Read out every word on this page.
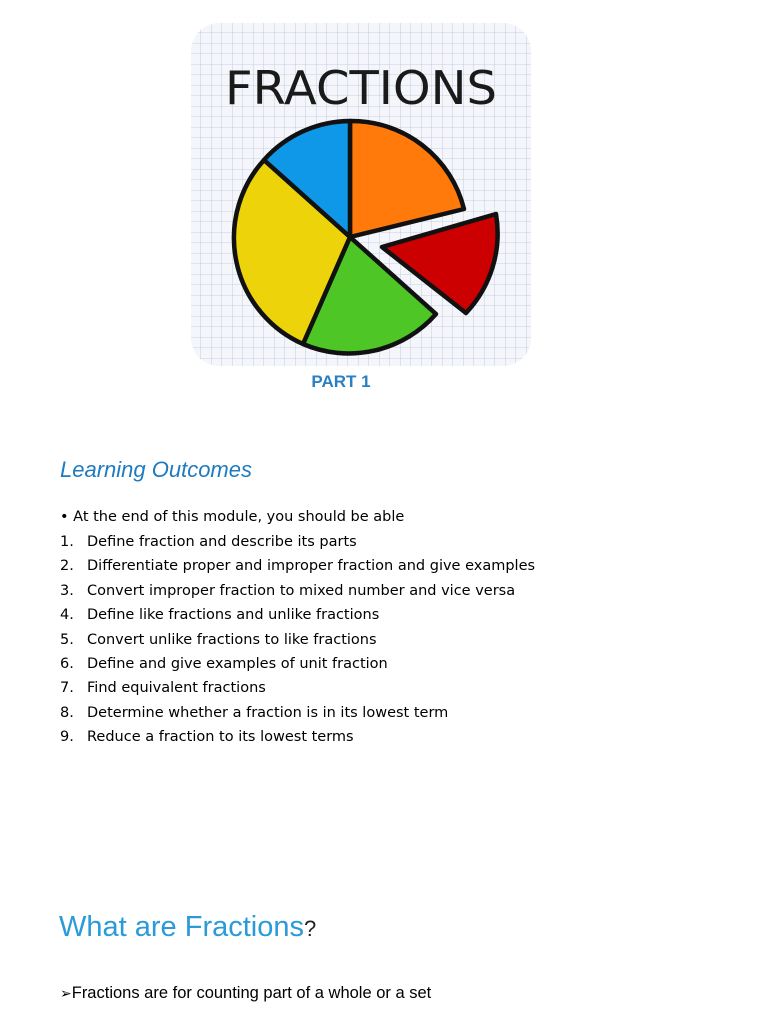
FRACTIONS
PART 1
Learning Outcomes
• At the end of this module, you should be able
1. Define fraction and describe its parts
2. Differentiate proper and improper fraction and give examples
3. Convert improper fraction to mixed number and vice versa
4. Define like fractions and unlike fractions
5. Convert unlike fractions to like fractions
6. Define and give examples of unit fraction
7. Find equivalent fractions
8. Determine whether a fraction is in its lowest term
9. Reduce a fraction to its lowest terms
What are Fractions?
➢Fractions are for counting part of a whole or a set
